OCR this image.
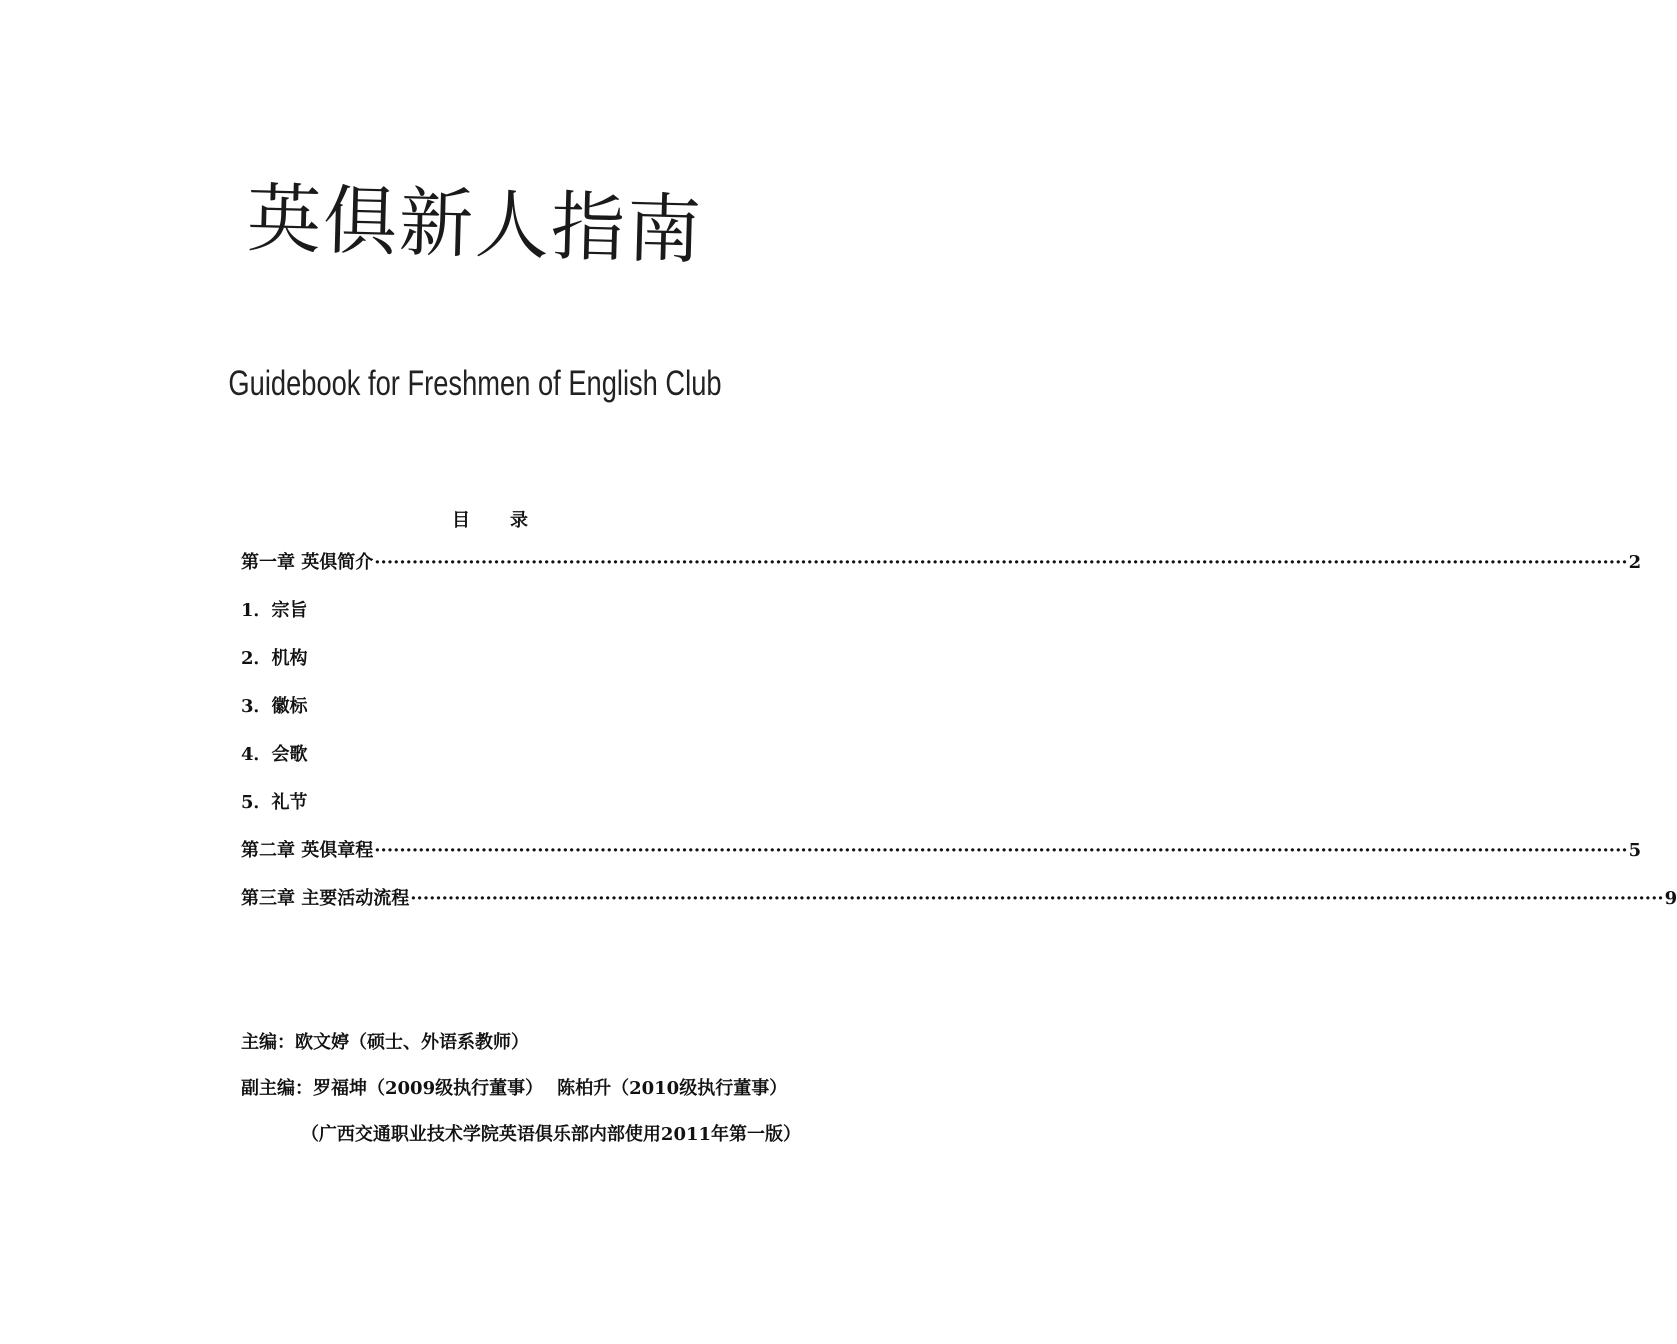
英俱新人指南
Guidebook for Freshmen of English Club
目 录
第一章 英俱简介 ········································································································································································································ 2
1．宗旨
2．机构
3．徽标
4．会歌
5．礼节
第二章 英俱章程 ········································································································································································································ 5
第三章 主要活动流程 ········································································································································································································ 9
主编：欧文婷（硕士、外语系教师）
副主编：罗福坤（2009级执行董事） 陈柏升（2010级执行董事）
（广西交通职业技术学院英语俱乐部内部使用2011年第一版）
